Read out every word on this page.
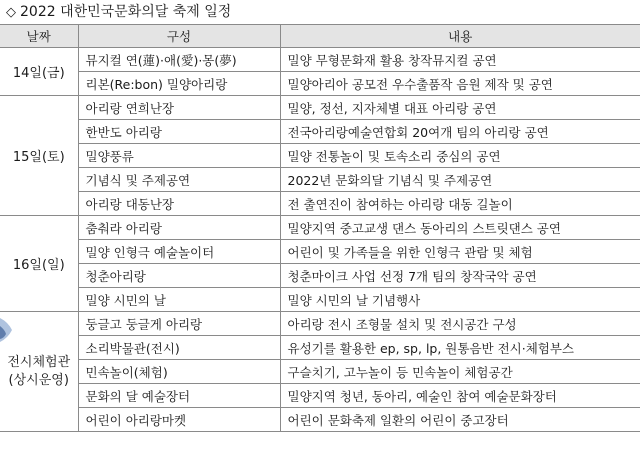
◇ 2022 대한민국문화의달 축제 일정
날짜	구성	내용
14일(금)	뮤지컬 연(蓮)·애(愛)·몽(夢)	밀양 무형문화재 활용 창작뮤지컬 공연
	리본(Re:bon) 밀양아리랑	밀양아리아 공모전 우수출품작 음원 제작 및 공연
15일(토)	아리랑 연희난장	밀양, 정선, 지자체별 대표 아리랑 공연
	한반도 아리랑	전국아리랑예술연합회 20여개 팀의 아리랑 공연
	밀양풍류	밀양 전통놀이 및 토속소리 중심의 공연
	기념식 및 주제공연	2022년 문화의달 기념식 및 주제공연
	아리랑 대동난장	전 출연진이 참여하는 아리랑 대동 길놀이
16일(일)	춤춰라 아리랑	밀양지역 중고교생 댄스 동아리의 스트릿댄스 공연
	밀양 인형극 예술놀이터	어린이 및 가족들을 위한 인형극 관람 및 체험
	청춘아리랑	청춘마이크 사업 선정 7개 팀의 창작국악 공연
	밀양 시민의 날	밀양 시민의 날 기념행사
전시체험관
(상시운영)	둥글고 둥글게 아리랑	아리랑 전시 조형물 설치 및 전시공간 구성
	소리박물관(전시)	유성기를 활용한 ep, sp, lp, 원통음반 전시·체험부스
	민속놀이(체험)	구슬치기, 고누놀이 등 민속놀이 체험공간
	문화의 달 예술장터	밀양지역 청년, 동아리, 예술인 참여 예술문화장터
	어린이 아리랑마켓	어린이 문화축제 일환의 어린이 중고장터
